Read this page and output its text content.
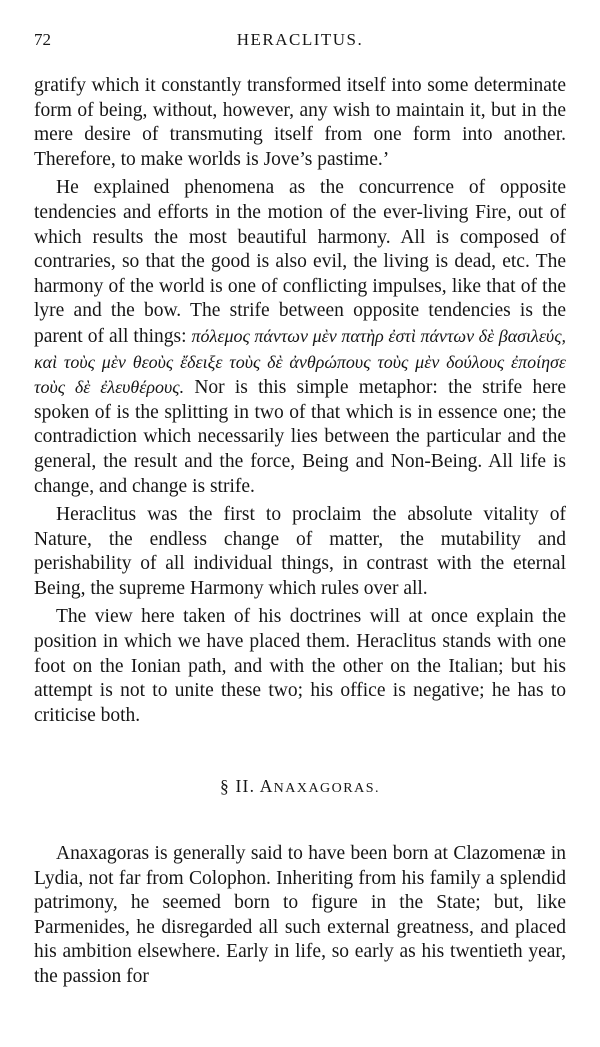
72	HERACLITUS.

gratify which it constantly transformed itself into some determinate form of being, without, however, any wish to maintain it, but in the mere desire of transmuting itself from one form into another. Therefore, to make worlds is Jove’s pastime.’

He explained phenomena as the concurrence of opposite tendencies and efforts in the motion of the ever-living Fire, out of which results the most beautiful harmony. All is composed of contraries, so that the good is also evil, the living is dead, etc. The harmony of the world is one of conflicting impulses, like that of the lyre and the bow. The strife between opposite tendencies is the parent of all things: πόλεμος πάντων μὲν πατὴρ ἐστὶ πάντων δὲ βασιλεύς, καὶ τοὺς μὲν θεοὺς ἔδειξε τοὺς δὲ ἀνθρώπους τοὺς μὲν δούλους ἐποίησε τοὺς δὲ ἐλευθέρους. Nor is this simple metaphor: the strife here spoken of is the splitting in two of that which is in essence one; the contradiction which necessarily lies between the particular and the general, the result and the force, Being and Non-Being. All life is change, and change is strife.

Heraclitus was the first to proclaim the absolute vitality of Nature, the endless change of matter, the mutability and perishability of all individual things, in contrast with the eternal Being, the supreme Harmony which rules over all.

The view here taken of his doctrines will at once explain the position in which we have placed them. Heraclitus stands with one foot on the Ionian path, and with the other on the Italian; but his attempt is not to unite these two; his office is negative; he has to criticise both.

§ II. ANAXAGORAS.

Anaxagoras is generally said to have been born at Clazomenæ in Lydia, not far from Colophon. Inheriting from his family a splendid patrimony, he seemed born to figure in the State; but, like Parmenides, he disregarded all such external greatness, and placed his ambition elsewhere. Early in life, so early as his twentieth year, the passion for
